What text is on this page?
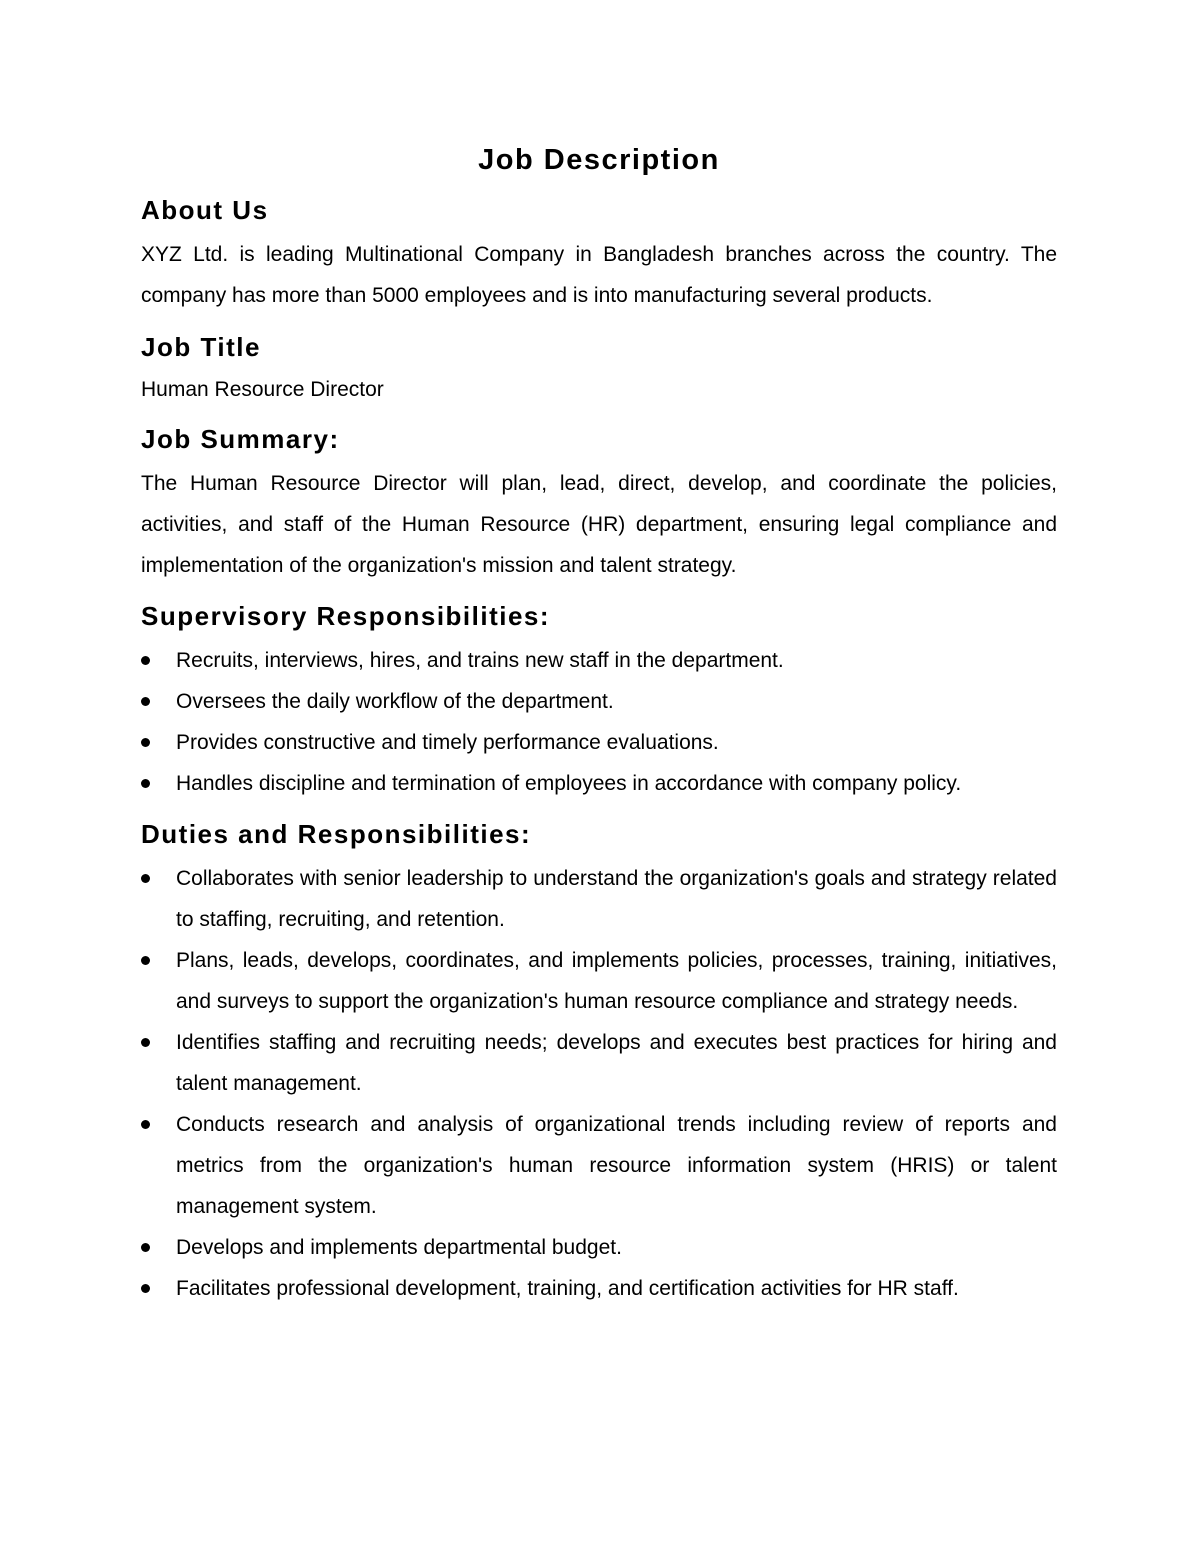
Job Description
About Us

XYZ Ltd. is leading Multinational Company in Bangladesh branches across the country. The company has more than 5000 employees and is into manufacturing several products.

Job Title

Human Resource Director

Job Summary:

The Human Resource Director will plan, lead, direct, develop, and coordinate the policies, activities, and staff of the Human Resource (HR) department, ensuring legal compliance and implementation of the organization's mission and talent strategy.

Supervisory Responsibilities:
Recruits, interviews, hires, and trains new staff in the department.
Oversees the daily workflow of the department.
Provides constructive and timely performance evaluations.
Handles discipline and termination of employees in accordance with company policy.
Duties and Responsibilities:
Collaborates with senior leadership to understand the organization's goals and strategy related to staffing, recruiting, and retention.
Plans, leads, develops, coordinates, and implements policies, processes, training, initiatives, and surveys to support the organization's human resource compliance and strategy needs.
Identifies staffing and recruiting needs; develops and executes best practices for hiring and talent management.
Conducts research and analysis of organizational trends including review of reports and metrics from the organization's human resource information system (HRIS) or talent management system.
Develops and implements departmental budget.
Facilitates professional development, training, and certification activities for HR staff.
